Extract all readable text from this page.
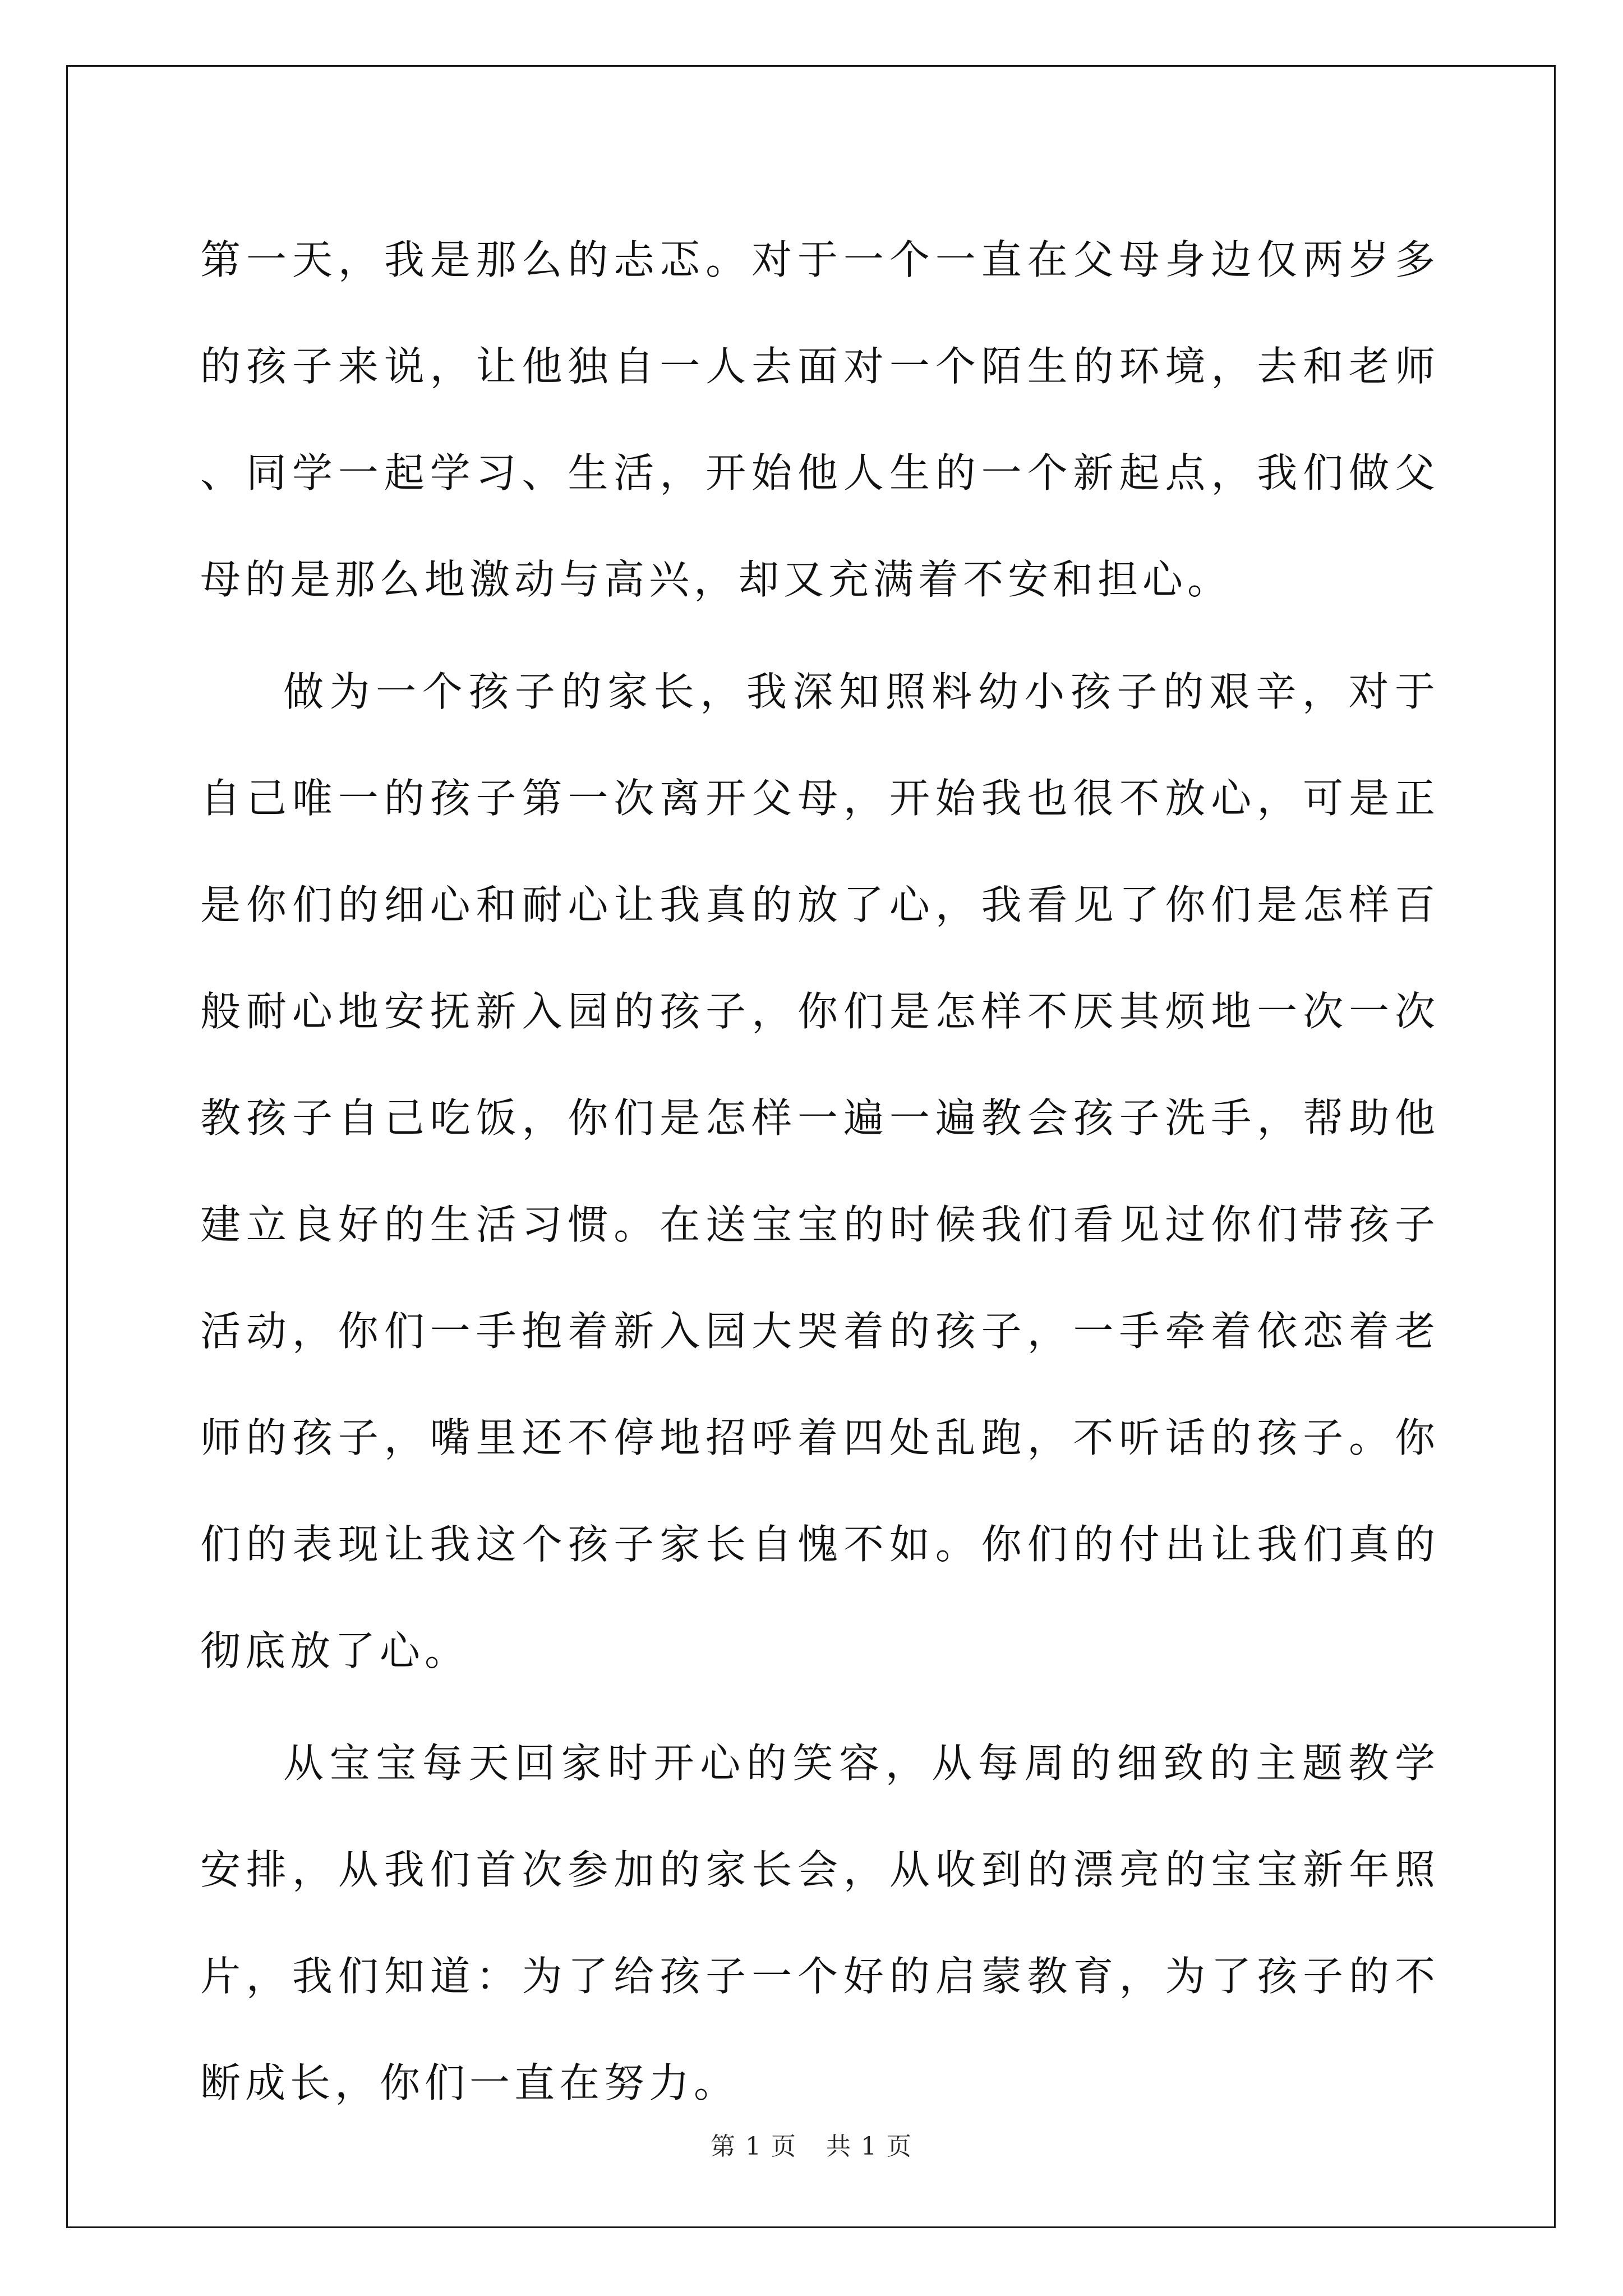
第一天，我是那么的忐忑。对于一个一直在父母身边仅两岁多的孩子来说，让他独自一人去面对一个陌生的环境，去和老师、同学一起学习、生活，开始他人生的一个新起点，我们做父母的是那么地激动与高兴，却又充满着不安和担心。

做为一个孩子的家长，我深知照料幼小孩子的艰辛，对于自己唯一的孩子第一次离开父母，开始我也很不放心，可是正是你们的细心和耐心让我真的放了心，我看见了你们是怎样百般耐心地安抚新入园的孩子，你们是怎样不厌其烦地一次一次教孩子自己吃饭，你们是怎样一遍一遍教会孩子洗手，帮助他建立良好的生活习惯。在送宝宝的时候我们看见过你们带孩子活动，你们一手抱着新入园大哭着的孩子，一手牵着依恋着老师的孩子，嘴里还不停地招呼着四处乱跑，不听话的孩子。你们的表现让我这个孩子家长自愧不如。你们的付出让我们真的彻底放了心。

从宝宝每天回家时开心的笑容，从每周的细致的主题教学安排，从我们首次参加的家长会，从收到的漂亮的宝宝新年照片，我们知道：为了给孩子一个好的启蒙教育，为了孩子的不断成长，你们一直在努力。

第 1 页 共 1 页
